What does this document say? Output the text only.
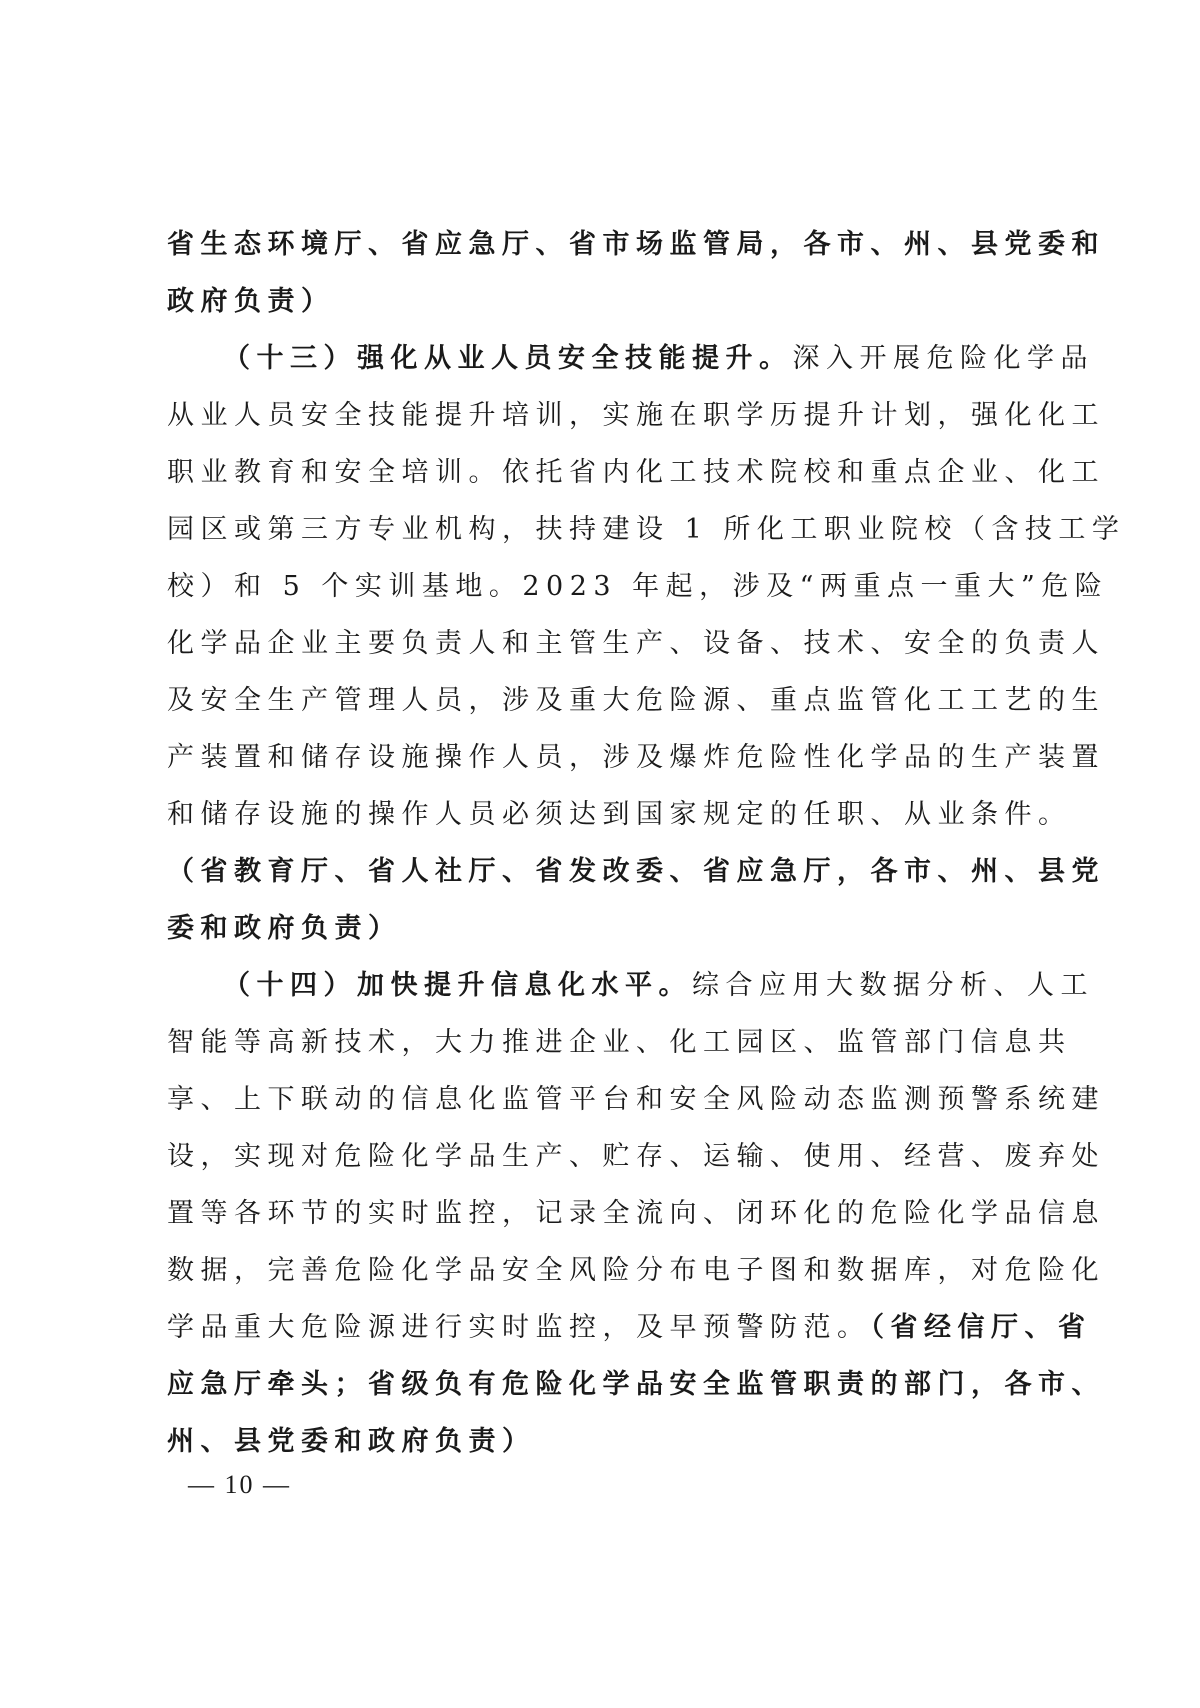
省生态环境厅、省应急厅、省市场监管局，各市、州、县党委和
政府负责）
（十三）强化从业人员安全技能提升。深入开展危险化学品
从业人员安全技能提升培训，实施在职学历提升计划，强化化工
职业教育和安全培训。依托省内化工技术院校和重点企业、化工
园区或第三方专业机构，扶持建设 1 所化工职业院校（含技工学
校）和 5 个实训基地。2023 年起，涉及“两重点一重大”危险
化学品企业主要负责人和主管生产、设备、技术、安全的负责人
及安全生产管理人员，涉及重大危险源、重点监管化工工艺的生
产装置和储存设施操作人员，涉及爆炸危险性化学品的生产装置
和储存设施的操作人员必须达到国家规定的任职、从业条件。
（省教育厅、省人社厅、省发改委、省应急厅，各市、州、县党
委和政府负责）
（十四）加快提升信息化水平。综合应用大数据分析、人工
智能等高新技术，大力推进企业、化工园区、监管部门信息共
享、上下联动的信息化监管平台和安全风险动态监测预警系统建
设，实现对危险化学品生产、贮存、运输、使用、经营、废弃处
置等各环节的实时监控，记录全流向、闭环化的危险化学品信息
数据，完善危险化学品安全风险分布电子图和数据库，对危险化
学品重大危险源进行实时监控，及早预警防范。（省经信厅、省
应急厅牵头；省级负有危险化学品安全监管职责的部门，各市、
州、县党委和政府负责）
— 10 —
